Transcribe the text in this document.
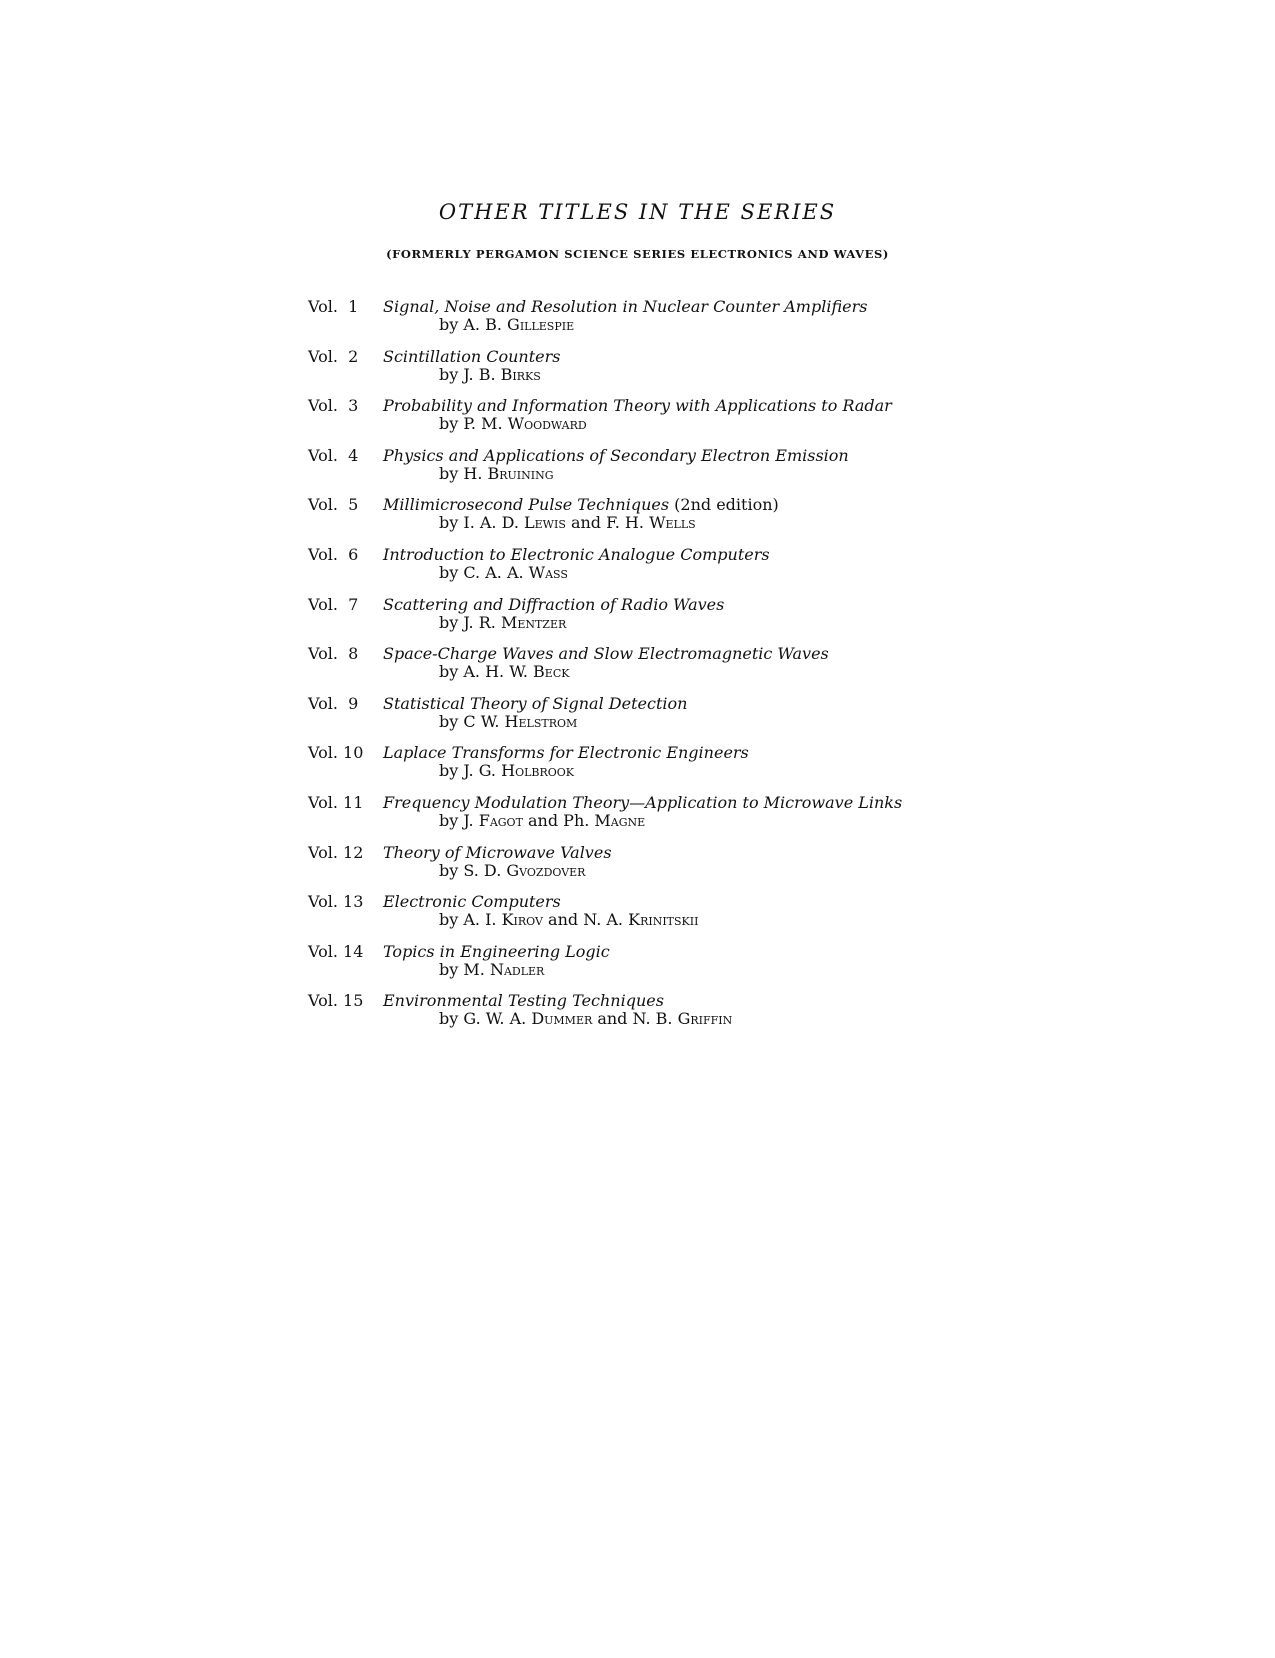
OTHER TITLES IN THE SERIES
(FORMERLY PERGAMON SCIENCE SERIES ELECTRONICS AND WAVES)
Vol.  1	Signal, Noise and Resolution in Nuclear Counter Amplifiers
by A. B. Gillespie
Vol.  2	Scintillation Counters
by J. B. Birks
Vol.  3	Probability and Information Theory with Applications to Radar
by P. M. Woodward
Vol.  4	Physics and Applications of Secondary Electron Emission
by H. Bruining
Vol.  5	Millimicrosecond Pulse Techniques (2nd edition)
by I. A. D. Lewis and F. H. Wells
Vol.  6	Introduction to Electronic Analogue Computers
by C. A. A. Wass
Vol.  7	Scattering and Diffraction of Radio Waves
by J. R. Mentzer
Vol.  8	Space-Charge Waves and Slow Electromagnetic Waves
by A. H. W. Beck
Vol.  9	Statistical Theory of Signal Detection
by C W. Helstrom
Vol. 10	Laplace Transforms for Electronic Engineers
by J. G. Holbrook
Vol. 11	Frequency Modulation Theory—Application to Microwave Links
by J. Fagot and Ph. Magne
Vol. 12	Theory of Microwave Valves
by S. D. Gvozdover
Vol. 13	Electronic Computers
by A. I. Kirov and N. A. Krinitskii
Vol. 14	Topics in Engineering Logic
by M. Nadler
Vol. 15	Environmental Testing Techniques
by G. W. A. Dummer and N. B. Griffin
